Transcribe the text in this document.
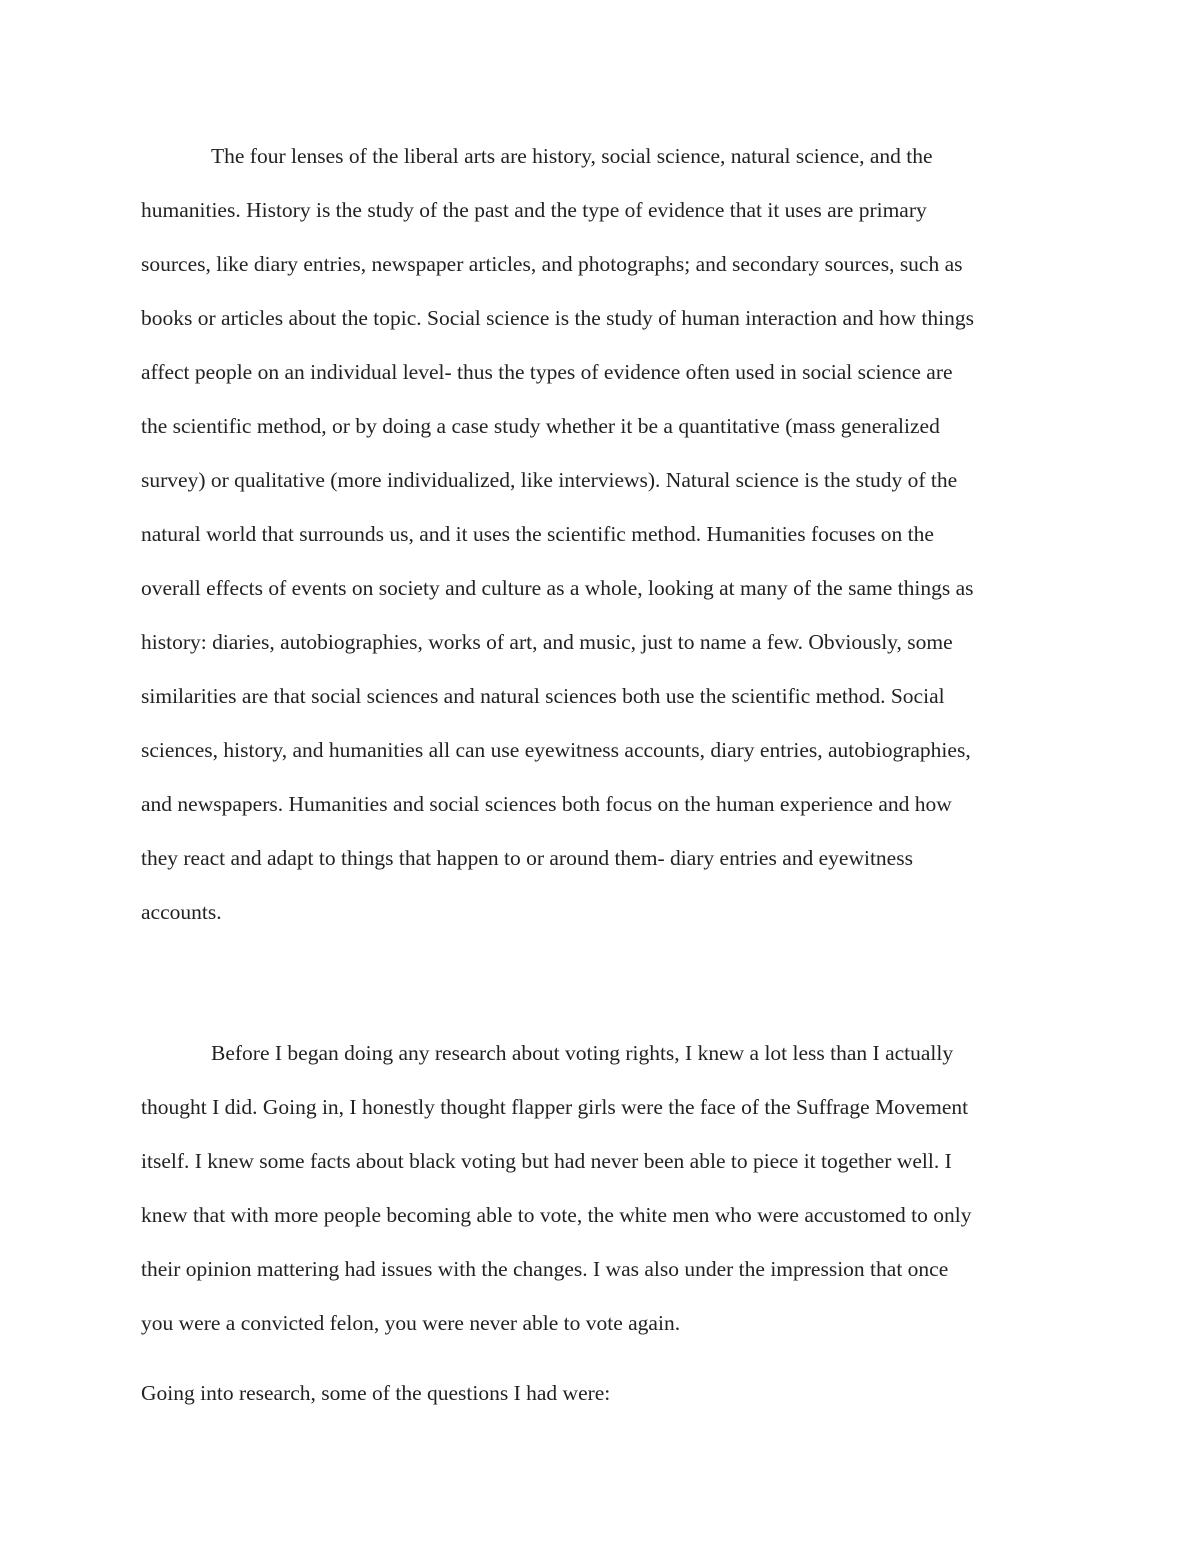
The four lenses of the liberal arts are history, social science, natural science, and the

humanities. History is the study of the past and the type of evidence that it uses are primary

sources, like diary entries, newspaper articles, and photographs; and secondary sources, such as

books or articles about the topic. Social science is the study of human interaction and how things

affect people on an individual level- thus the types of evidence often used in social science are

the scientific method, or by doing a case study whether it be a quantitative (mass generalized

survey) or qualitative (more individualized, like interviews). Natural science is the study of the

natural world that surrounds us, and it uses the scientific method. Humanities focuses on the

overall effects of events on society and culture as a whole, looking at many of the same things as

history: diaries, autobiographies, works of art, and music, just to name a few. Obviously, some

similarities are that social sciences and natural sciences both use the scientific method. Social

sciences, history, and humanities all can use eyewitness accounts, diary entries, autobiographies,

and newspapers. Humanities and social sciences both focus on the human experience and how

they react and adapt to things that happen to or around them- diary entries and eyewitness

accounts.

Before I began doing any research about voting rights, I knew a lot less than I actually

thought I did. Going in, I honestly thought flapper girls were the face of the Suffrage Movement

itself. I knew some facts about black voting but had never been able to piece it together well. I

knew that with more people becoming able to vote, the white men who were accustomed to only

their opinion mattering had issues with the changes. I was also under the impression that once

you were a convicted felon, you were never able to vote again.

Going into research, some of the questions I had were:
